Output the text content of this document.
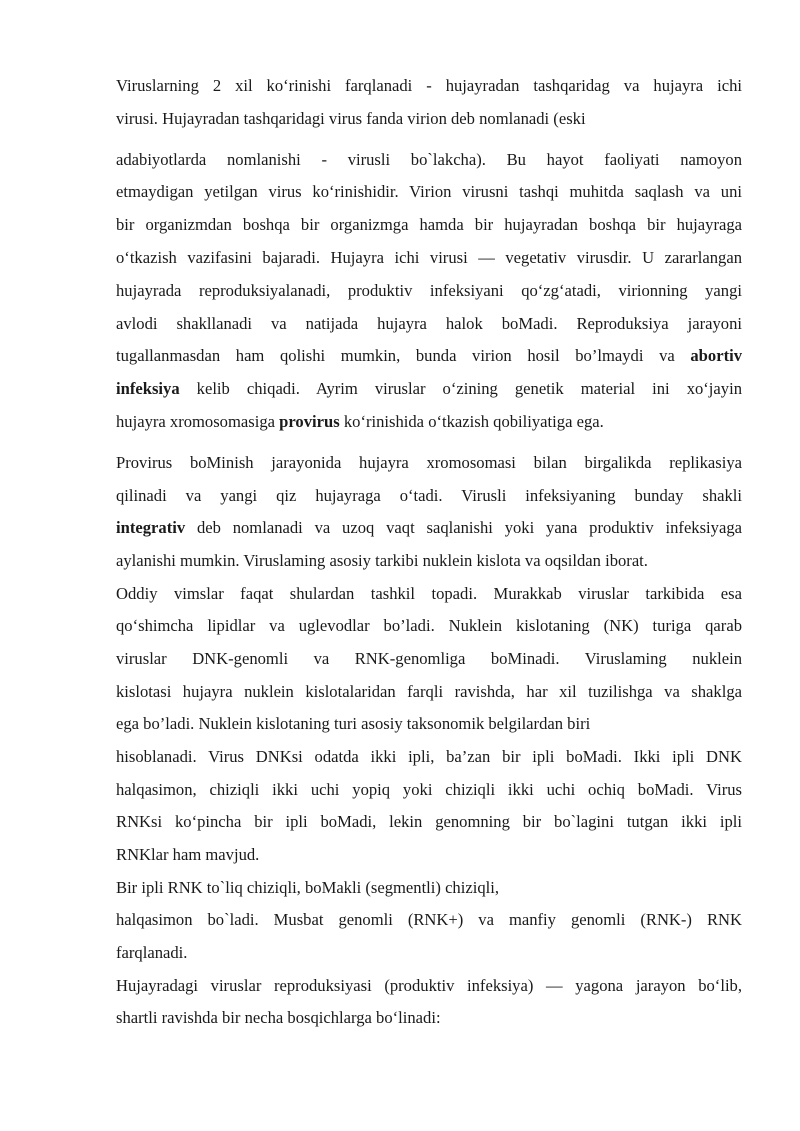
Viruslarning 2 xil ko‘rinishi farqlanadi - hujayradan tashqaridag va hujayra ichi
virusi. Hujayradan tashqaridagi virus fanda virion deb nomlanadi (eski
adabiyotlarda nomlanishi - virusli bo`lakcha). Bu hayot faoliyati namoyon
etmaydigan yetilgan virus ko‘rinishidir. Virion virusni tashqi muhitda saqlash va uni
bir organizmdan boshqa bir organizmga hamda bir hujayradan boshqa bir hujayraga
o‘tkazish vazifasini bajaradi. Hujayra ichi virusi — vegetativ virusdir. U zararlangan
hujayrada reproduksiyalanadi, produktiv infeksiyani qo‘zg‘atadi, virionning yangi
avlodi shakllanadi va natijada hujayra halok boMadi. Reproduksiya jarayoni
tugallanmasdan ham qolishi mumkin, bunda virion hosil bo’lmaydi va abortiv
infeksiya kelib chiqadi. Ayrim viruslar o‘zining genetik material ini xo‘jayin
hujayra xromosomasiga provirus ko‘rinishida o‘tkazish qobiliyatiga ega.
Provirus boMinish jarayonida hujayra xromosomasi bilan birgalikda replikasiya
qilinadi va yangi qiz hujayraga o‘tadi. Virusli infeksiyaning bunday shakli
integrativ deb nomlanadi va uzoq vaqt saqlanishi yoki yana produktiv infeksiyaga
aylanishi mumkin. Viruslaming asosiy tarkibi nuklein kislota va oqsildan iborat.
Oddiy vimslar faqat shulardan tashkil topadi. Murakkab viruslar tarkibida esa
qo‘shimcha lipidlar va uglevodlar bo’ladi. Nuklein kislotaning (NK) turiga qarab
viruslar DNK-genomli va RNK-genomliga boMinadi. Viruslaming nuklein
kislotasi hujayra nuklein kislotalaridan farqli ravishda, har xil tuzilishga va shaklga
ega bo’ladi. Nuklein kislotaning turi asosiy taksonomik belgilardan biri
hisoblanadi. Virus DNKsi odatda ikki ipli, ba’zan bir ipli boMadi. Ikki ipli DNK
halqasimon, chiziqli ikki uchi yopiq yoki chiziqli ikki uchi ochiq boMadi. Virus
RNKsi ko‘pincha bir ipli boMadi, lekin genomning bir bo`lagini tutgan ikki ipli
RNKlar ham mavjud.
Bir ipli RNK to`liq chiziqli, boMakli (segmentli) chiziqli,
halqasimon bo`ladi. Musbat genomli (RNK+) va manfiy genomli (RNK-) RNK
farqlanadi.
Hujayradagi viruslar reproduksiyasi (produktiv infeksiya) — yagona jarayon bo‘lib,
shartli ravishda bir necha bosqichlarga bo‘linadi:
